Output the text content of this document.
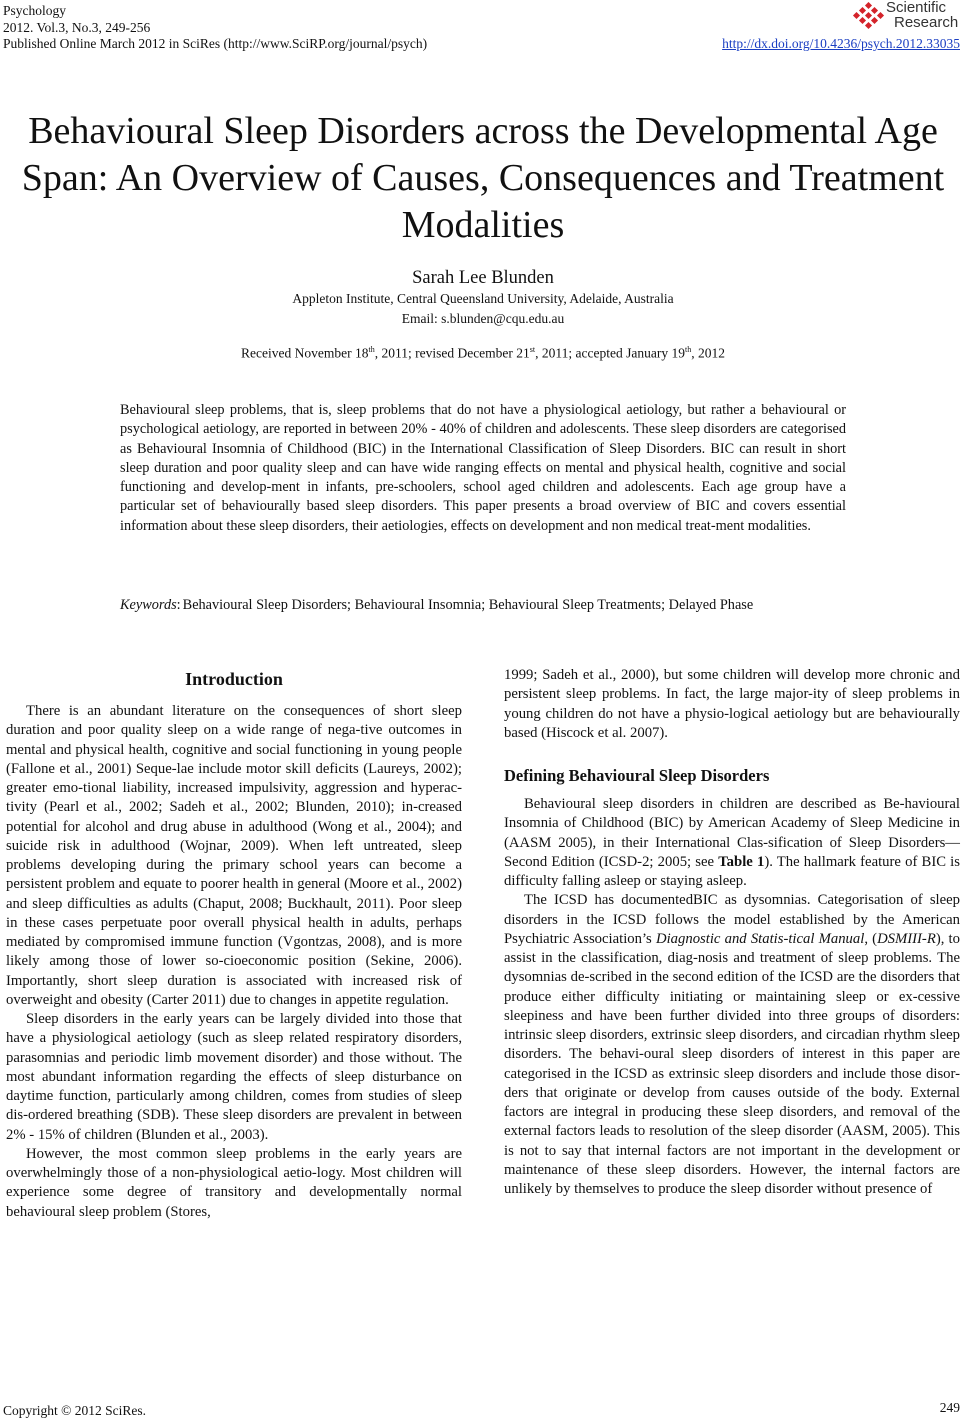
Psychology
2012. Vol.3, No.3, 249-256
Published Online March 2012 in SciRes (http://www.SciRP.org/journal/psych)
Scientific
Research
http://dx.doi.org/10.4236/psych.2012.33035
Behavioural Sleep Disorders across the Developmental Age Span: An Overview of Causes, Consequences and Treatment Modalities
Sarah Lee Blunden
Appleton Institute, Central Queensland University, Adelaide, Australia
Email: s.blunden@cqu.edu.au
Received November 18th, 2011; revised December 21st, 2011; accepted January 19th, 2012

Behavioural sleep problems, that is, sleep problems that do not have a physiological aetiology, but rather a behavioural or psychological aetiology, are reported in between 20% - 40% of children and adolescents. These sleep disorders are categorised as Behavioural Insomnia of Childhood (BIC) in the International Classification of Sleep Disorders. BIC can result in short sleep duration and poor quality sleep and can have wide ranging effects on mental and physical health, cognitive and social functioning and develop-ment in infants, pre-schoolers, school aged children and adolescents. Each age group have a particular set of behaviourally based sleep disorders. This paper presents a broad overview of BIC and covers essential information about these sleep disorders, their aetiologies, effects on development and non medical treat-ment modalities.

Keywords : Behavioural Sleep Disorders; Behavioural Insomnia; Behavioural Sleep Treatments; Delayed Phase
Introduction

There is an abundant literature on the consequences of short sleep duration and poor quality sleep on a wide range of nega-tive outcomes in mental and physical health, cognitive and social functioning in young people (Fallone et al., 2001) Seque-lae include motor skill deficits (Laureys, 2002); greater emo-tional liability, increased impulsivity, aggression and hyperac-tivity (Pearl et al., 2002; Sadeh et al., 2002; Blunden, 2010); in-creased potential for alcohol and drug abuse in adulthood (Wong et al., 2004); and suicide risk in adulthood (Wojnar, 2009). When left untreated, sleep problems developing during the primary school years can become a persistent problem and equate to poorer health in general (Moore et al., 2002) and sleep difficulties as adults (Chaput, 2008; Buckhault, 2011). Poor sleep in these cases perpetuate poor overall physical health in adults, perhaps mediated by compromised immune function (Vgontzas, 2008), and is more likely among those of lower so-cioeconomic position (Sekine, 2006). Importantly, short sleep duration is associated with increased risk of overweight and obesity (Carter 2011) due to changes in appetite regulation.

Sleep disorders in the early years can be largely divided into those that have a physiological aetiology (such as sleep related respiratory disorders, parasomnias and periodic limb movement disorder) and those without. The most abundant information regarding the effects of sleep disturbance on daytime function, particularly among children, comes from studies of sleep dis-ordered breathing (SDB). These sleep disorders are prevalent in between 2% - 15% of children (Blunden et al., 2003).

However, the most common sleep problems in the early years are overwhelmingly those of a non-physiological aetio-logy. Most children will experience some degree of transitory and developmentally normal behavioural sleep problem (Stores,

1999; Sadeh et al., 2000), but some children will develop more chronic and persistent sleep problems. In fact, the large major-ity of sleep problems in young children do not have a physio-logical aetiology but are behaviourally based (Hiscock et al. 2007).

Defining Behavioural Sleep Disorders

Behavioural sleep disorders in children are described as Be-havioural Insomnia of Childhood (BIC) by American Academy of Sleep Medicine in (AASM 2005), in their International Clas-sification of Sleep Disorders—Second Edition (ICSD-2; 2005; see Table 1). The hallmark feature of BIC is difficulty falling asleep or staying asleep.

The ICSD has documentedBIC as dysomnias. Categorisation of sleep disorders in the ICSD follows the model established by the American Psychiatric Association’s Diagnostic and Statis-tical Manual, (DSMIII-R), to assist in the classification, diag-nosis and treatment of sleep problems. The dysomnias de-scribed in the second edition of the ICSD are the disorders that produce either difficulty initiating or maintaining sleep or ex-cessive sleepiness and have been further divided into three groups of disorders: intrinsic sleep disorders, extrinsic sleep disorders, and circadian rhythm sleep disorders. The behavi-oural sleep disorders of interest in this paper are categorised in the ICSD as extrinsic sleep disorders and include those disor-ders that originate or develop from causes outside of the body. External factors are integral in producing these sleep disorders, and removal of the external factors leads to resolution of the sleep disorder (AASM, 2005). This is not to say that internal factors are not important in the development or maintenance of these sleep disorders. However, the internal factors are unlikely by themselves to produce the sleep disorder without presence of

Copyright © 2012 SciRes.	249
